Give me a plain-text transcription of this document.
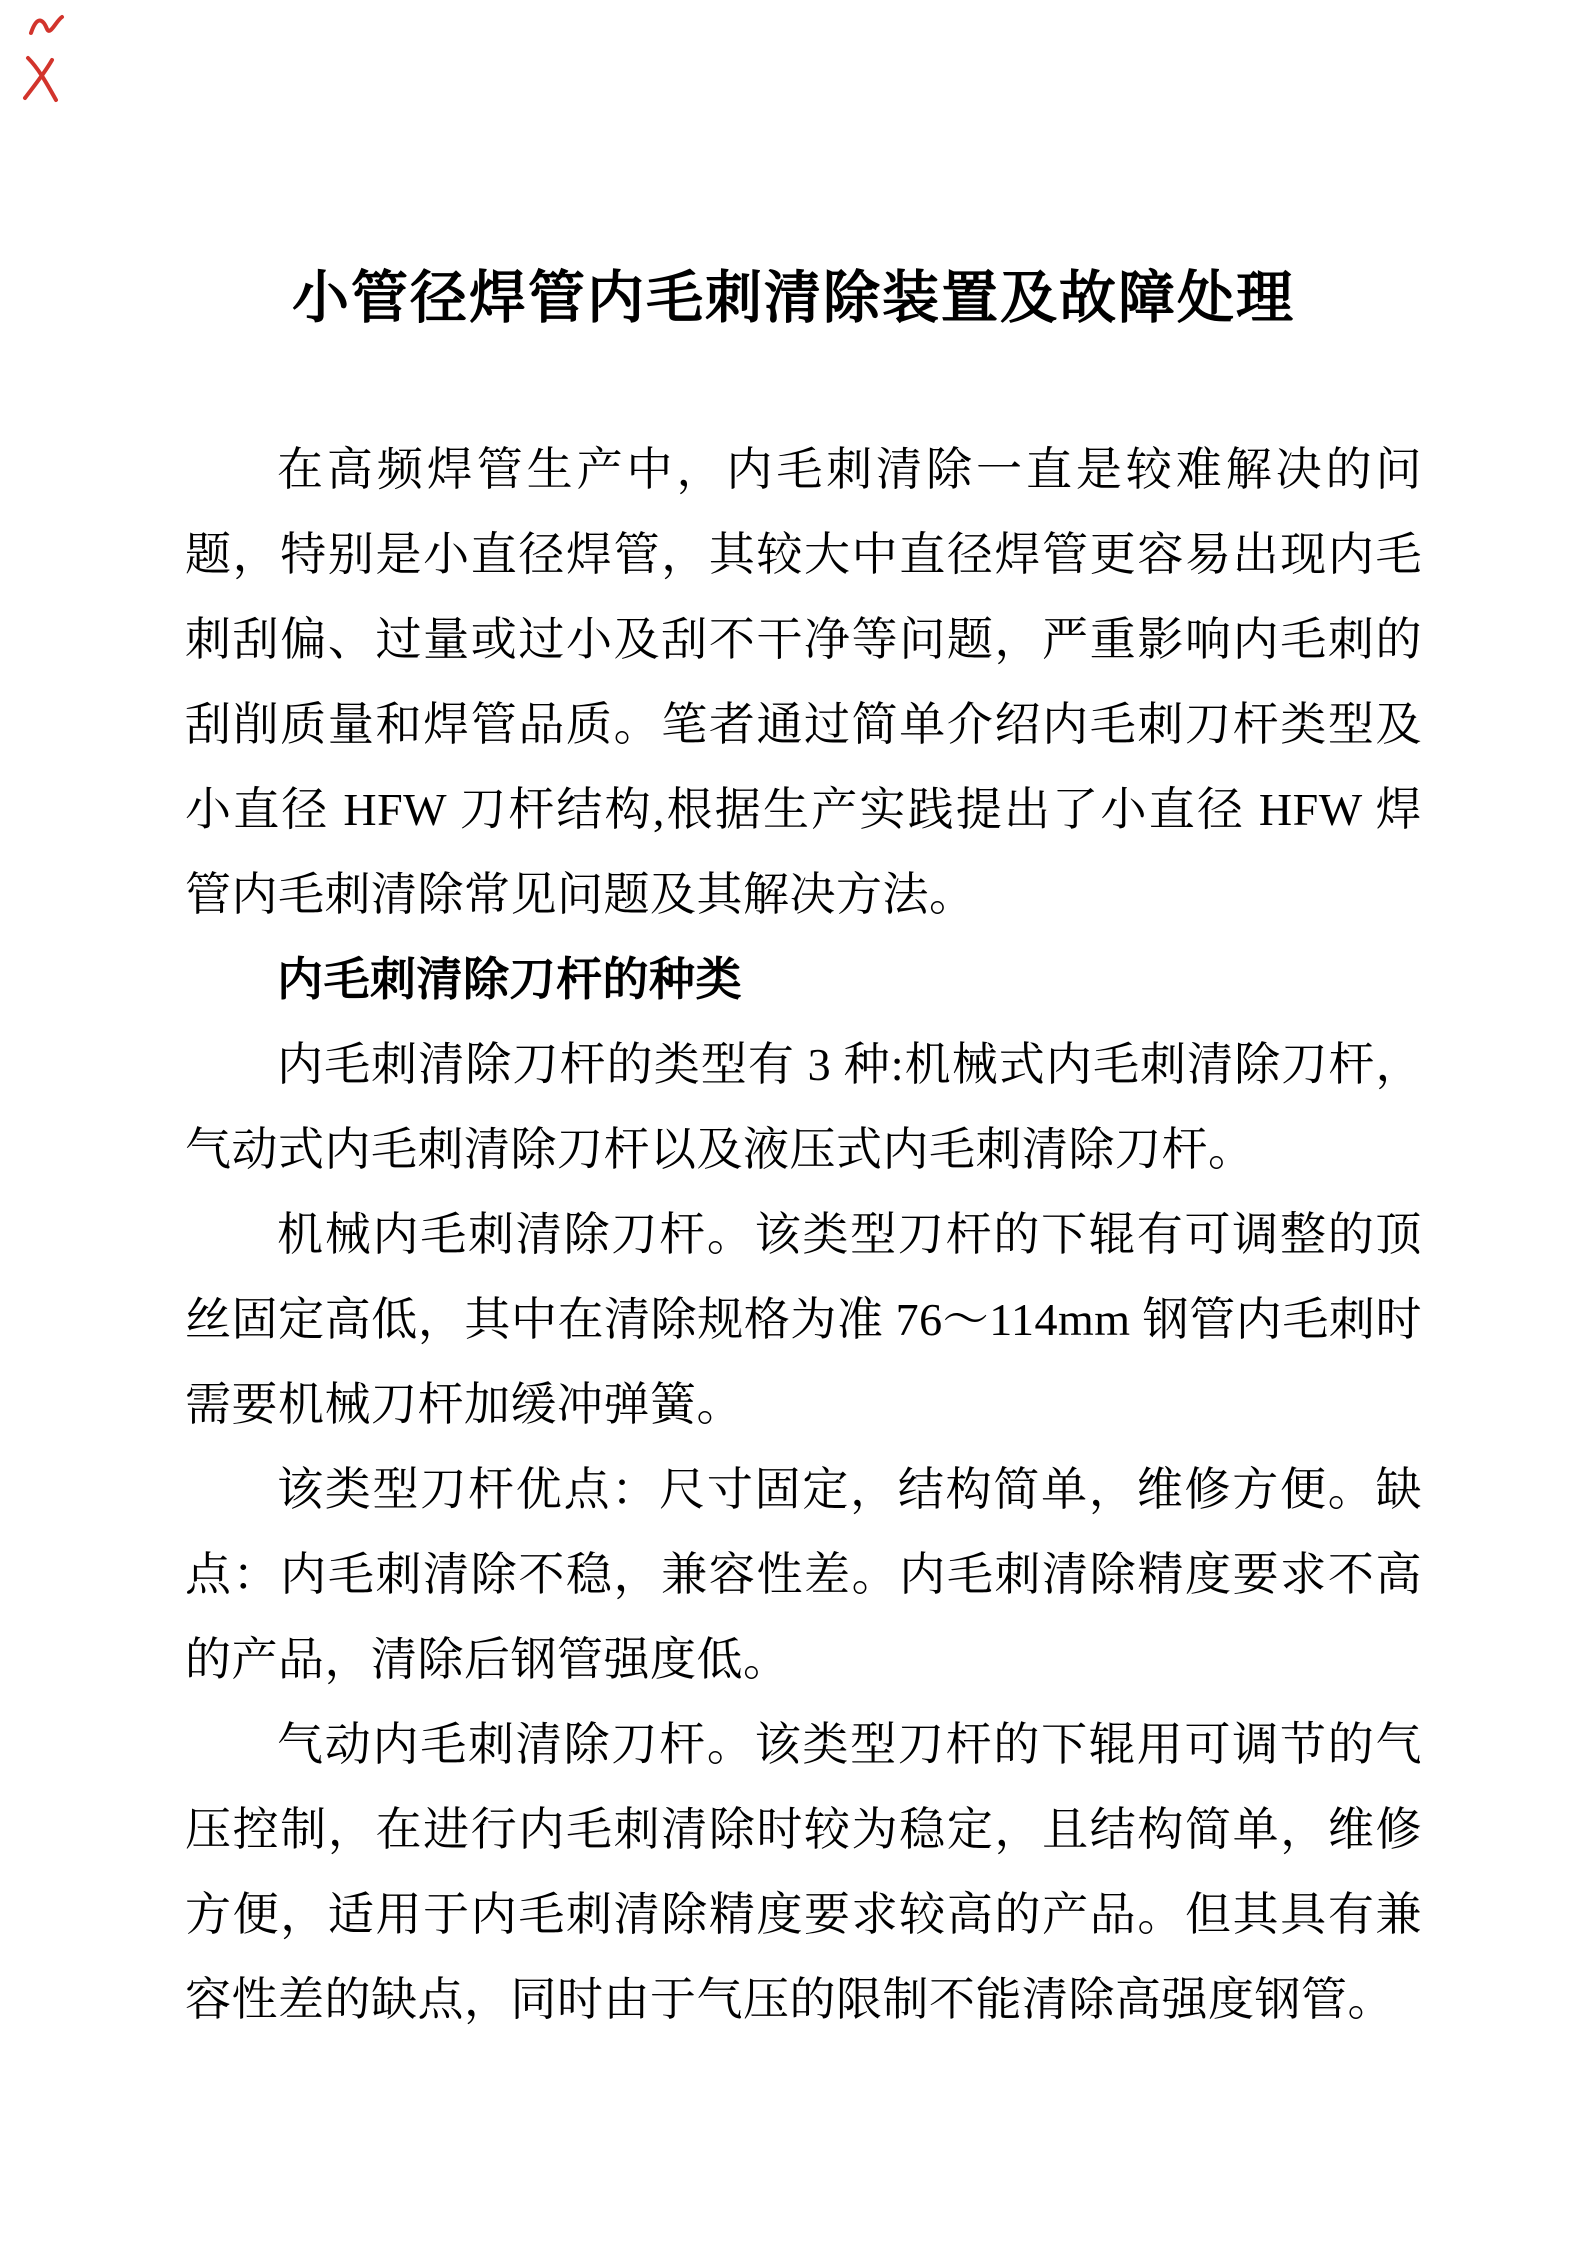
小管径焊管内毛刺清除装置及故障处理

在高频焊管生产中，内毛刺清除一直是较难解决的问题，特别是小直径焊管，其较大中直径焊管更容易出现内毛刺刮偏、过量或过小及刮不干净等问题，严重影响内毛刺的刮削质量和焊管品质。笔者通过简单介绍内毛刺刀杆类型及小直径 HFW 刀杆结构,根据生产实践提出了小直径 HFW 焊管内毛刺清除常见问题及其解决方法。

内毛刺清除刀杆的种类

内毛刺清除刀杆的类型有 3 种:机械式内毛刺清除刀杆，气动式内毛刺清除刀杆以及液压式内毛刺清除刀杆。

机械内毛刺清除刀杆。该类型刀杆的下辊有可调整的顶丝固定高低，其中在清除规格为准 76～114mm 钢管内毛刺时需要机械刀杆加缓冲弹簧。

该类型刀杆优点：尺寸固定，结构简单，维修方便。缺点：内毛刺清除不稳，兼容性差。内毛刺清除精度要求不高的产品，清除后钢管强度低。

气动内毛刺清除刀杆。该类型刀杆的下辊用可调节的气压控制，在进行内毛刺清除时较为稳定，且结构简单，维修方便，适用于内毛刺清除精度要求较高的产品。但其具有兼容性差的缺点，同时由于气压的限制不能清除高强度钢管。
